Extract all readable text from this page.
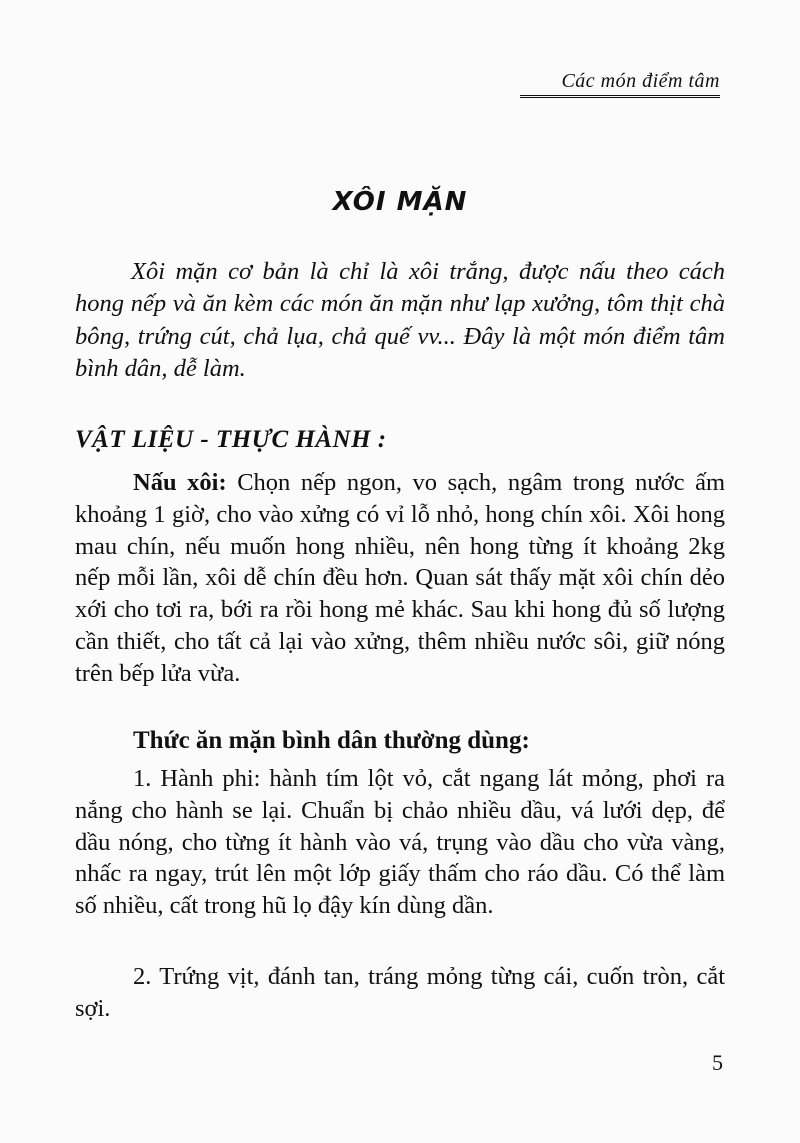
Các món điểm tâm
XÔI MẶN

Xôi mặn cơ bản là chỉ là xôi trắng, được nấu theo cách hong nếp và ăn kèm các món ăn mặn như lạp xưởng, tôm thịt chà bông, trứng cút, chả lụa, chả quế vv... Đây là một món điểm tâm bình dân, dễ làm.

VẬT LIỆU - THỰC HÀNH :

Nấu xôi: Chọn nếp ngon, vo sạch, ngâm trong nước ấm khoảng 1 giờ, cho vào xửng có vỉ lỗ nhỏ, hong chín xôi. Xôi hong mau chín, nếu muốn hong nhiều, nên hong từng ít khoảng 2kg nếp mỗi lần, xôi dễ chín đều hơn. Quan sát thấy mặt xôi chín dẻo xới cho tơi ra, bới ra rồi hong mẻ khác. Sau khi hong đủ số lượng cần thiết, cho tất cả lại vào xửng, thêm nhiều nước sôi, giữ nóng trên bếp lửa vừa.

Thức ăn mặn bình dân thường dùng:

1. Hành phi: hành tím lột vỏ, cắt ngang lát mỏng, phơi ra nắng cho hành se lại. Chuẩn bị chảo nhiều dầu, vá lưới dẹp, để dầu nóng, cho từng ít hành vào vá, trụng vào dầu cho vừa vàng, nhấc ra ngay, trút lên một lớp giấy thấm cho ráo dầu. Có thể làm số nhiều, cất trong hũ lọ đậy kín dùng dần.

2. Trứng vịt, đánh tan, tráng mỏng từng cái, cuốn tròn, cắt sợi.

5
